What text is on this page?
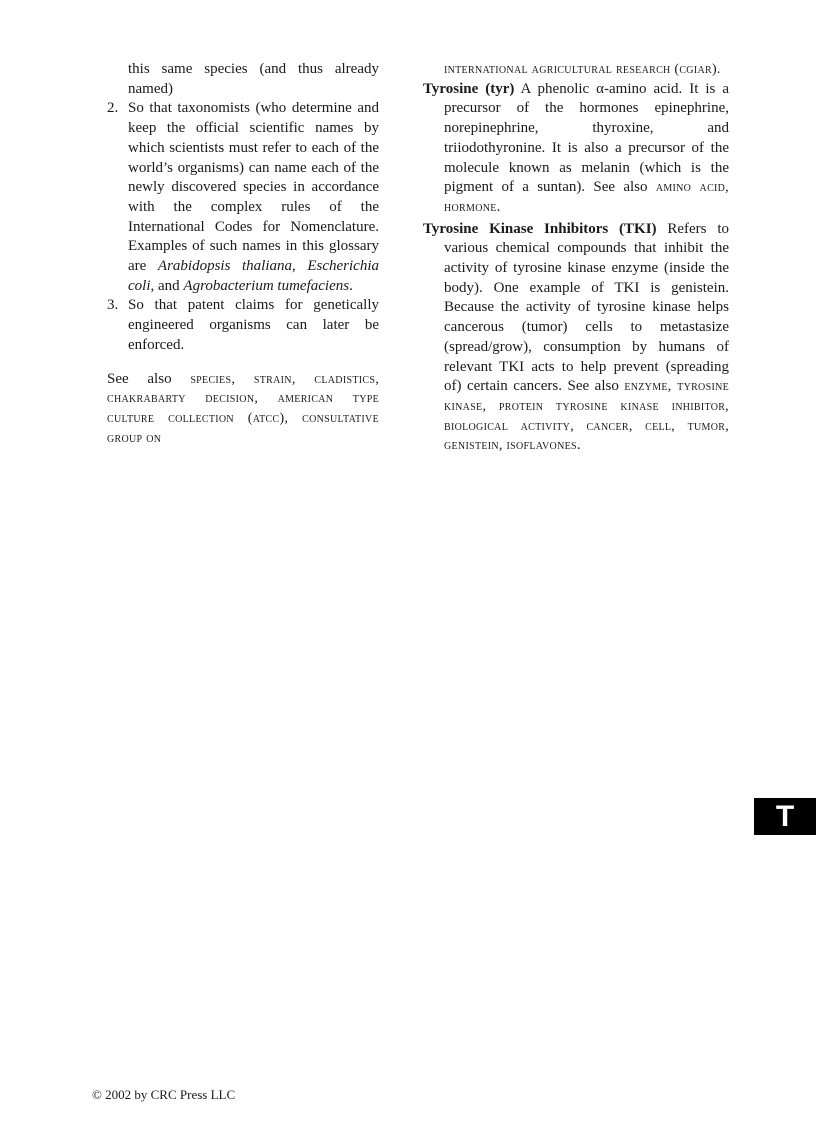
this same species (and thus already named)

2. So that taxonomists (who determine and keep the official scientific names by which scientists must refer to each of the world’s organisms) can name each of the newly discovered species in accordance with the complex rules of the International Codes for Nomenclature. Examples of such names in this glossary are Arabidopsis thaliana, Escherichia coli, and Agrobacterium tumefaciens.
3. So that patent claims for genetically engineered organisms can later be enforced.

See also species, strain, cladistics, chakrabarty decision, american type culture collection (atcc), consultative group on

international agricultural research (cgiar).

Tyrosine (tyr) A phenolic α-amino acid. It is a precursor of the hormones epinephrine, norepinephrine, thyroxine, and triiodothyronine. It is also a precursor of the molecule known as melanin (which is the pigment of a suntan). See also amino acid, hormone.

Tyrosine Kinase Inhibitors (TKI) Refers to various chemical compounds that inhibit the activity of tyrosine kinase enzyme (inside the body). One example of TKI is genistein. Because the activity of tyrosine kinase helps cancerous (tumor) cells to metastasize (spread/grow), consumption by humans of relevant TKI acts to help prevent (spreading of) certain cancers. See also enzyme, tyrosine kinase, protein tyrosine kinase inhibitor, biological activity, cancer, cell, tumor, genistein, isoflavones.

T
© 2002 by CRC Press LLC
